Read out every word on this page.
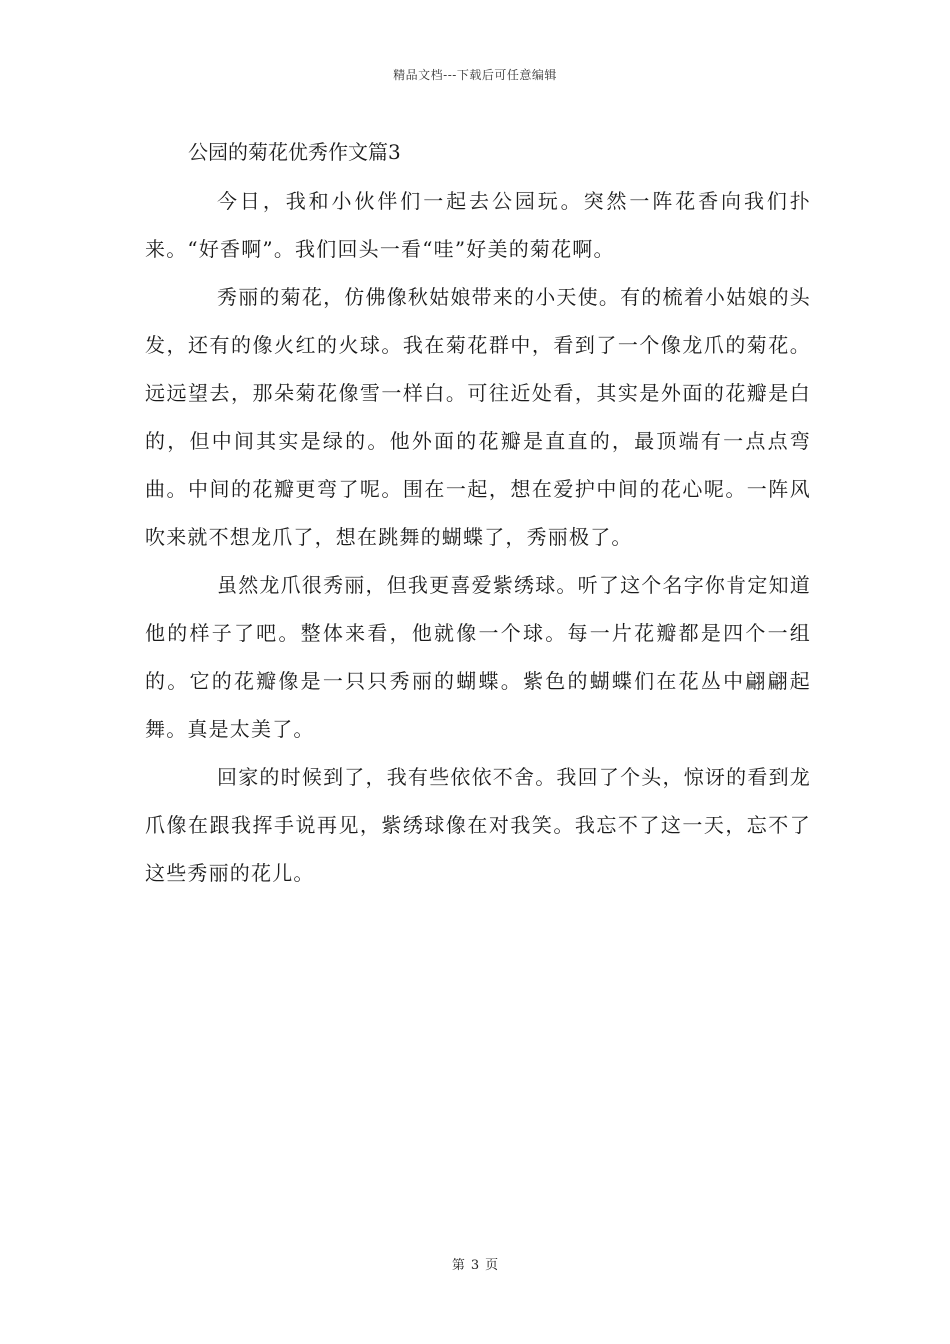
精品文档---下载后可任意编辑
公园的菊花优秀作文篇3

今日，我和小伙伴们一起去公园玩。突然一阵花香向我们扑来。“好香啊”。我们回头一看“哇”好美的菊花啊。

秀丽的菊花，仿佛像秋姑娘带来的小天使。有的梳着小姑娘的头发，还有的像火红的火球。我在菊花群中，看到了一个像龙爪的菊花。远远望去，那朵菊花像雪一样白。可往近处看，其实是外面的花瓣是白的，但中间其实是绿的。他外面的花瓣是直直的，最顶端有一点点弯曲。中间的花瓣更弯了呢。围在一起，想在爱护中间的花心呢。一阵风吹来就不想龙爪了，想在跳舞的蝴蝶了，秀丽极了。

虽然龙爪很秀丽，但我更喜爱紫绣球。听了这个名字你肯定知道他的样子了吧。整体来看，他就像一个球。每一片花瓣都是四个一组的。它的花瓣像是一只只秀丽的蝴蝶。紫色的蝴蝶们在花丛中翩翩起舞。真是太美了。

回家的时候到了，我有些依依不舍。我回了个头，惊讶的看到龙爪像在跟我挥手说再见，紫绣球像在对我笑。我忘不了这一天，忘不了这些秀丽的花儿。

第 3 页
